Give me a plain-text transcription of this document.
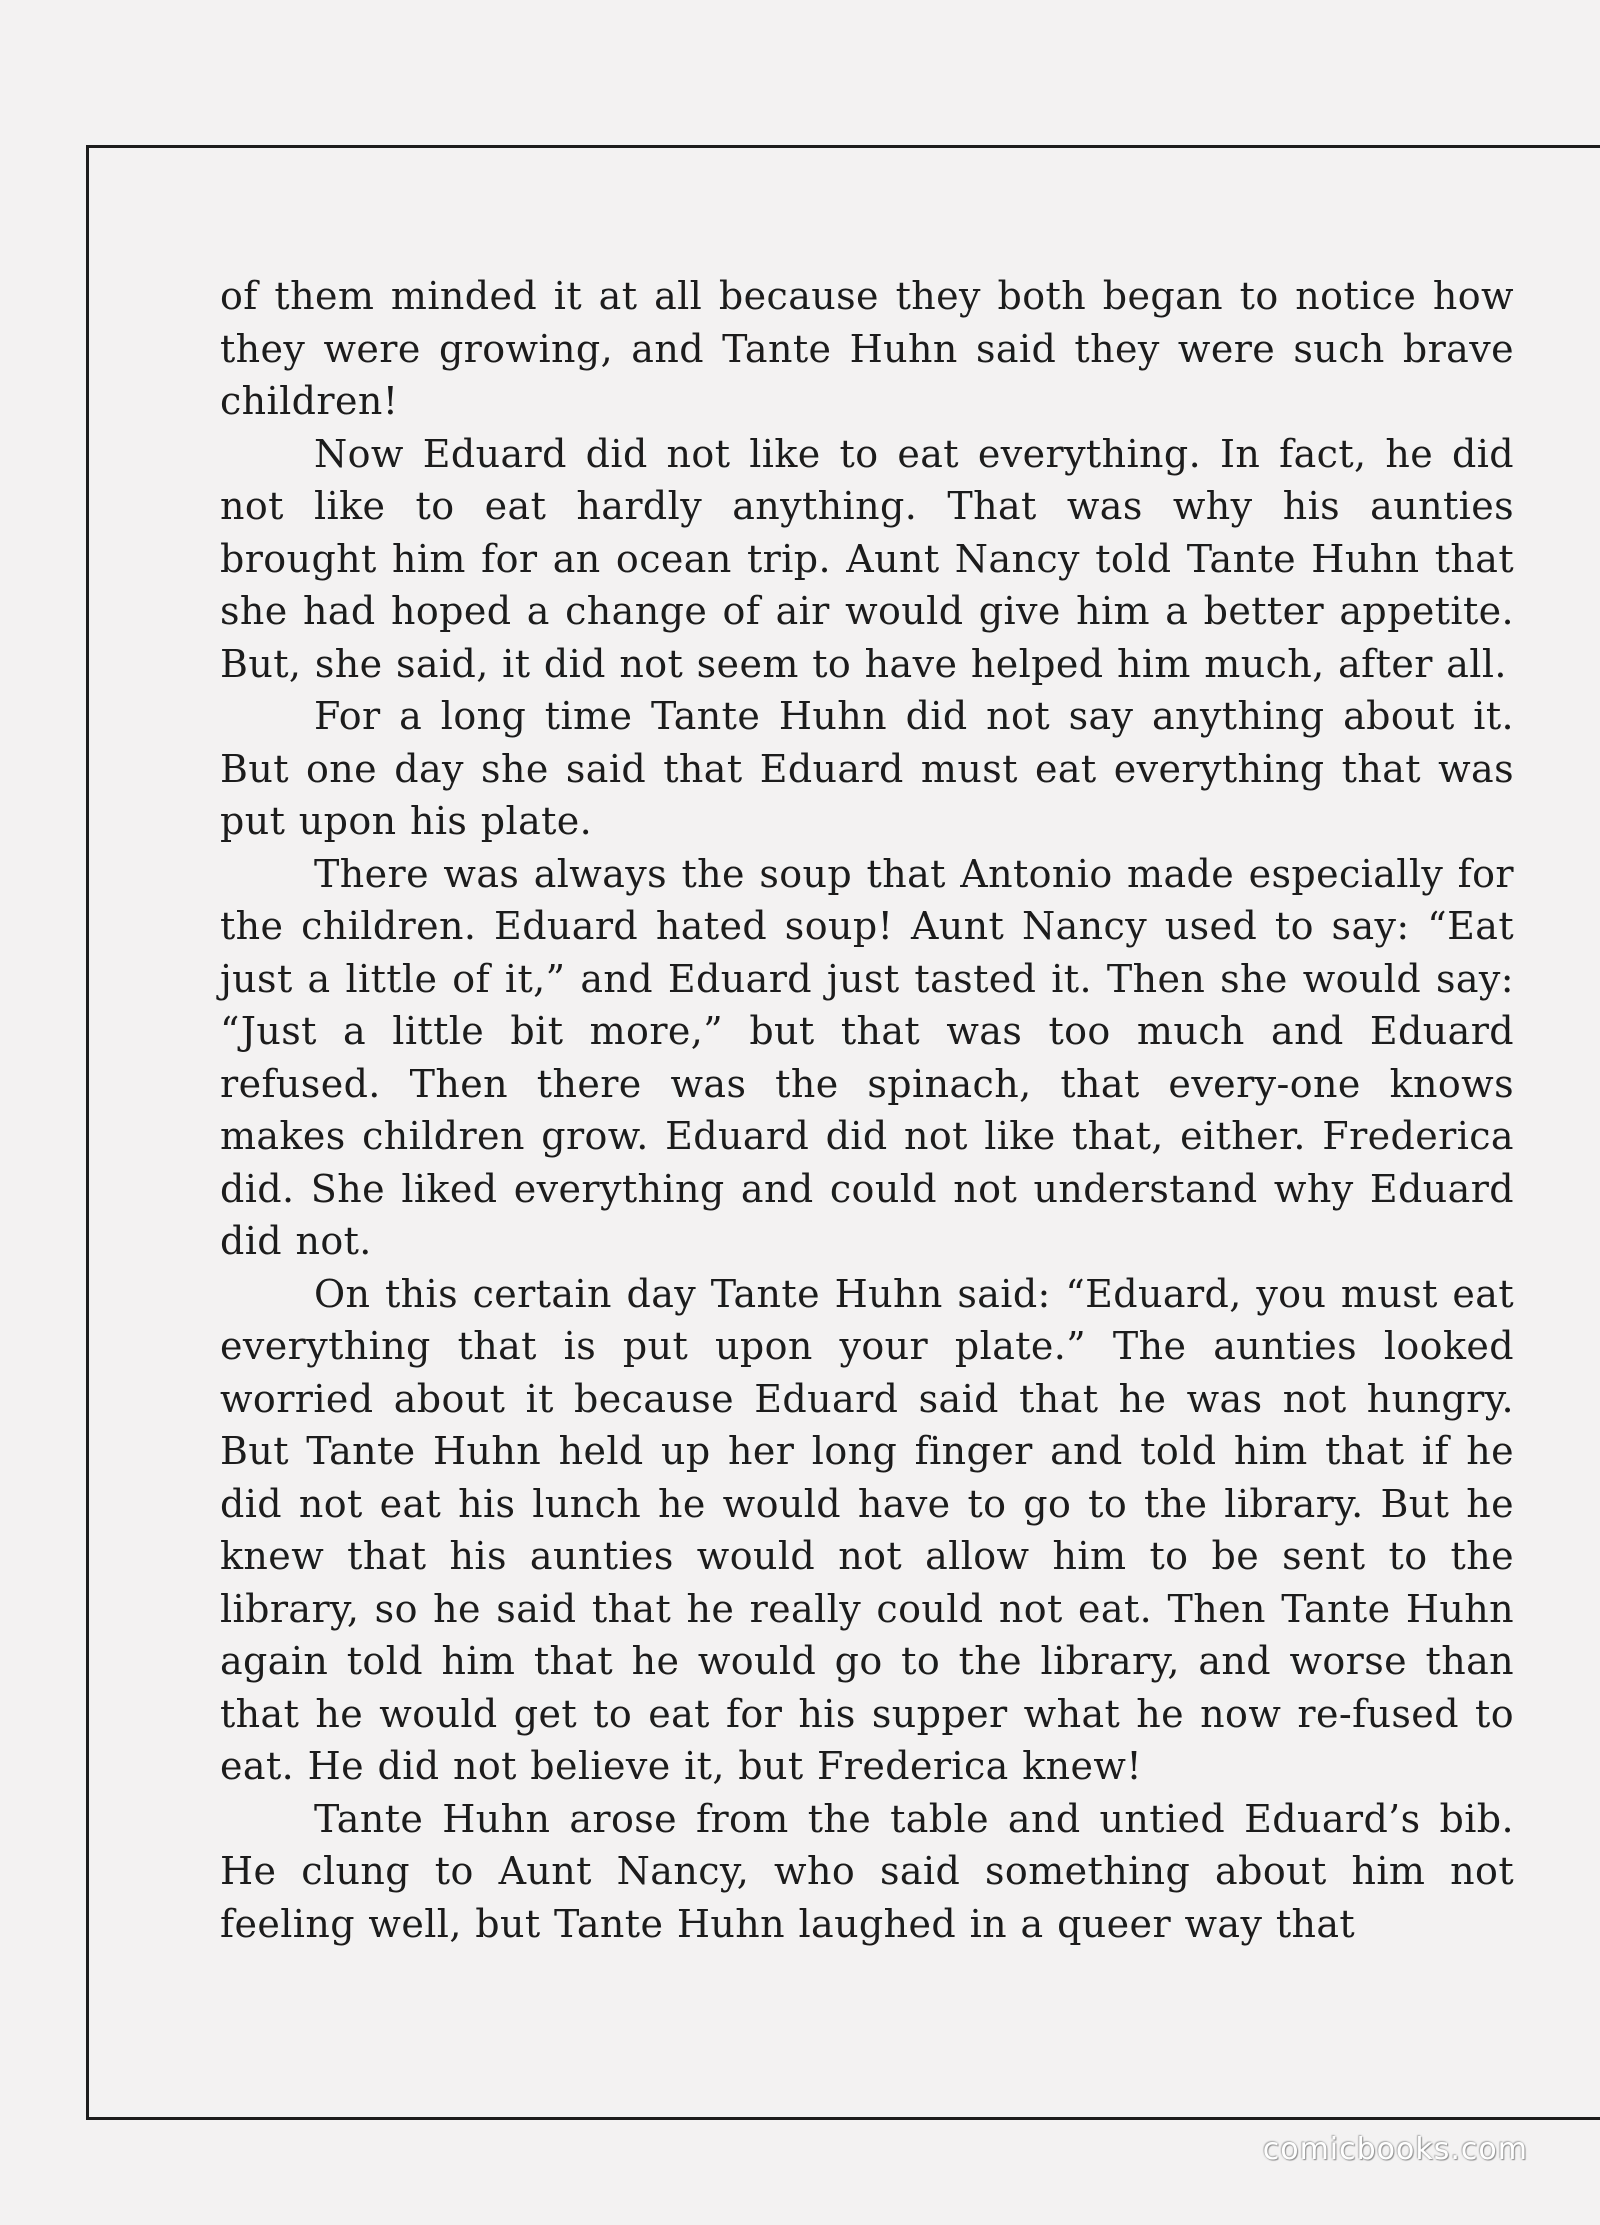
of them minded it at all because they both began to notice how they were growing, and Tante Huhn said they were such brave children!

Now Eduard did not like to eat everything. In fact, he did not like to eat hardly anything. That was why his aunties brought him for an ocean trip. Aunt Nancy told Tante Huhn that she had hoped a change of air would give him a better appetite. But, she said, it did not seem to have helped him much, after all.

For a long time Tante Huhn did not say anything about it. But one day she said that Eduard must eat everything that was put upon his plate.

There was always the soup that Antonio made especially for the children. Eduard hated soup! Aunt Nancy used to say: “Eat just a little of it,” and Eduard just tasted it. Then she would say: “Just a little bit more,” but that was too much and Eduard refused. Then there was the spinach, that every-one knows makes children grow. Eduard did not like that, either. Frederica did. She liked everything and could not understand why Eduard did not.

On this certain day Tante Huhn said: “Eduard, you must eat everything that is put upon your plate.” The aunties looked worried about it because Eduard said that he was not hungry. But Tante Huhn held up her long finger and told him that if he did not eat his lunch he would have to go to the library. But he knew that his aunties would not allow him to be sent to the library, so he said that he really could not eat. Then Tante Huhn again told him that he would go to the library, and worse than that he would get to eat for his supper what he now re-fused to eat. He did not believe it, but Frederica knew!

Tante Huhn arose from the table and untied Eduard’s bib. He clung to Aunt Nancy, who said something about him not feeling well, but Tante Huhn laughed in a queer way that

comicbooks.com
